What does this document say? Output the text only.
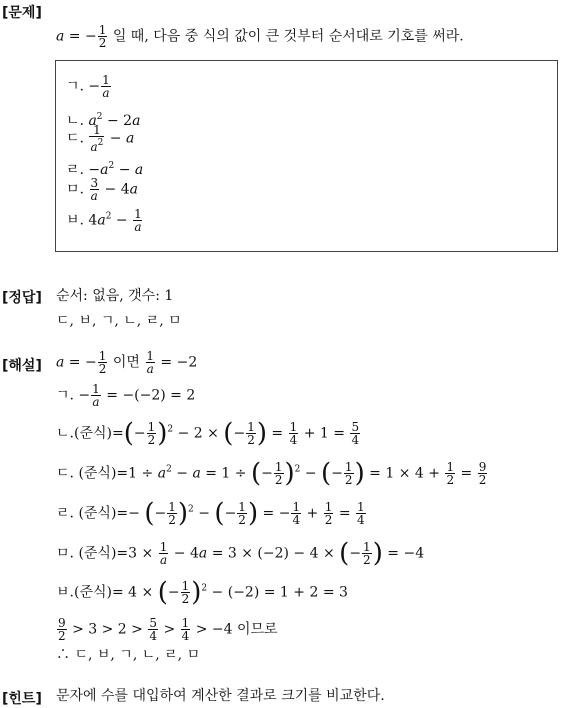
[문제]
a = − $\frac{1}{2}$ 일 때, 다음 중 식의 값이 큰 것부터 순서대로 기호를 써라.
ㄱ. − $\frac{1}{a}$
ㄴ. $a^2 - 2a$
ㄷ. $\frac{1}{a^2} - a$
ㄹ. $-a^2 - a$
ㅁ. $\frac{3}{a} - 4a$
ㅂ. $4a^2 - \frac{1}{a}$
[정답] 순서: 없음, 갯수: 1
ㄷ, ㅂ, ㄱ, ㄴ, ㄹ, ㅁ
[해설] a = − $\frac{1}{2}$ 이면 $\frac{1}{a} = -2$
ㄱ. − $\frac{1}{a} = -(-2) = 2$
ㄴ.(준식)=(− $\frac{1}{2} )^2 - 2$ × (− $\frac{1}{2}$ ) = $\frac{1}{4} + 1 = \frac{5}{4}$
ㄷ. (준식)$=1 \div a^2 - a = 1$ ÷ (− $\frac{1}{2} )^2$ − (− $\frac{1}{2}$ ) = $1 \times 4 + \frac{1}{2} = \frac{9}{2}$
ㄹ. (준식)=− (− $\frac{1}{2} )^2$ − (− $\frac{1}{2}$ ) = − $\frac{1}{4} + \frac{1}{2} = \frac{1}{4}$
ㅁ. (준식)$=3 \times \frac{1}{a} - 4a = 3 \times (-2) - 4$ × (− $\frac{1}{2}$ ) = −4
ㅂ.(준식)= 4 × (− $\frac{1}{2} )^2 - (-2) = 1 + 2 = 3$
$\frac{9}{2} > 3 > 2 > \frac{5}{4} > \frac{1}{4} > -4$ 이므로
∴ ㄷ, ㅂ, ㄱ, ㄴ, ㄹ, ㅁ
[힌트] 문자에 수를 대입하여 계산한 결과로 크기를 비교한다.
